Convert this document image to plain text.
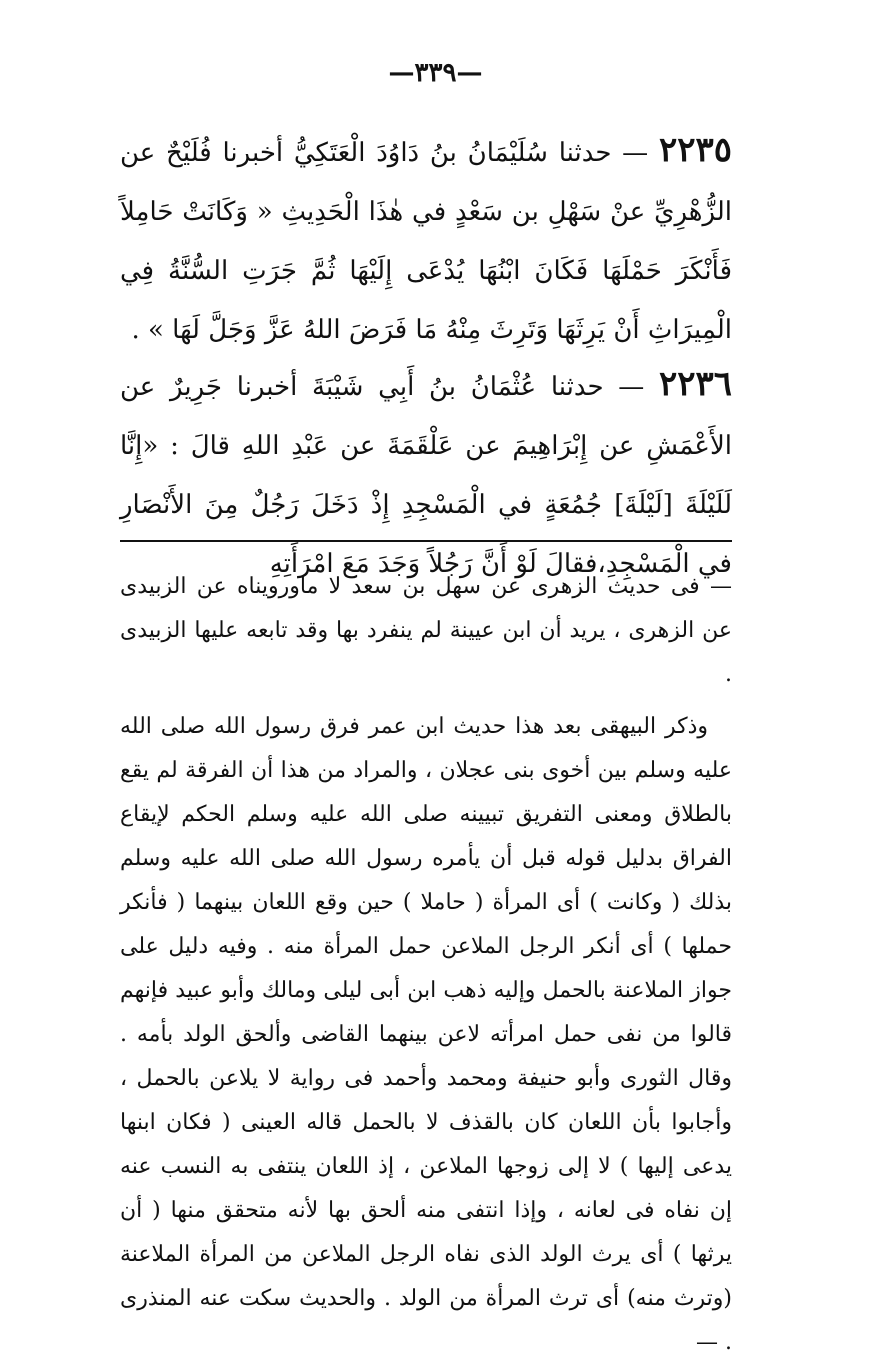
—٣٣٩—
٢٢٣٥ — حدثنا سُلَيْمَانُ بنُ دَاوُدَ الْعَتَكِيُّ أخبرنا فُلَيْحٌ عن الزُّهْرِيِّ عنْ سَهْلِ بن سَعْدٍ في هٰذَا الْحَدِيثِ « وَكَانَتْ حَامِلاً فَأَنْكَرَ حَمْلَهَا فَكَانَ ابْنُهَا يُدْعَى إِلَيْهَا ثُمَّ جَرَتِ السُّنَّةُ فِي الْمِيرَاثِ أَنْ يَرِثَهَا وَتَرِثَ مِنْهُ مَا فَرَضَ اللهُ عَزَّ وَجَلَّ لَهَا » .
٢٢٣٦ — حدثنا عُثْمَانُ بنُ أَبِي شَيْبَةَ أخبرنا جَرِيرٌ عن الأَعْمَشِ عن إِبْرَاهِيمَ عن عَلْقَمَةَ عن عَبْدِ اللهِ قالَ : «إِنَّا لَلَيْلَةَ [لَيْلَةَ] جُمُعَةٍ في الْمَسْجِدِ إِذْ دَخَلَ رَجُلٌ مِنَ الأَنْصَارِ في الْمَسْجِدِ،فقالَ لَوْ أَنَّ رَجُلاً وَجَدَ مَعَ امْرَأَتِهِ

— فى حديث الزهرى عن سهل بن سعد لا ماورويناه عن الزبيدى عن الزهرى ، يريد أن ابن عيينة لم ينفرد بها وقد تابعه عليها الزبيدى .

وذكر البيهقى بعد هذا حديث ابن عمر فرق رسول الله صلى الله عليه وسلم بين أخوى بنى عجلان ، والمراد من هذا أن الفرقة لم يقع بالطلاق ومعنى التفريق تبيينه صلى الله عليه وسلم الحكم لإيقاع الفراق بدليل قوله قبل أن يأمره رسول الله صلى الله عليه وسلم بذلك ( وكانت ) أى المرأة ( حاملا ) حين وقع اللعان بينهما ( فأنكر حملها ) أى أنكر الرجل الملاعن حمل المرأة منه . وفيه دليل على جواز الملاعنة بالحمل وإليه ذهب ابن أبى ليلى ومالك وأبو عبيد فإنهم قالوا من نفى حمل امرأته لاعن بينهما القاضى وألحق الولد بأمه . وقال الثورى وأبو حنيفة ومحمد وأحمد فى رواية لا يلاعن بالحمل ، وأجابوا بأن اللعان كان بالقذف لا بالحمل قاله العينى ( فكان ابنها يدعى إليها ) لا إلى زوجها الملاعن ، إذ اللعان ينتفى به النسب عنه إن نفاه فى لعانه ، وإذا انتفى منه ألحق بها لأنه متحقق منها ( أن يرثها ) أى يرث الولد الذى نفاه الرجل الملاعن من المرأة الملاعنة (وترث منه) أى ترث المرأة من الولد . والحديث سكت عنه المنذرى . —
